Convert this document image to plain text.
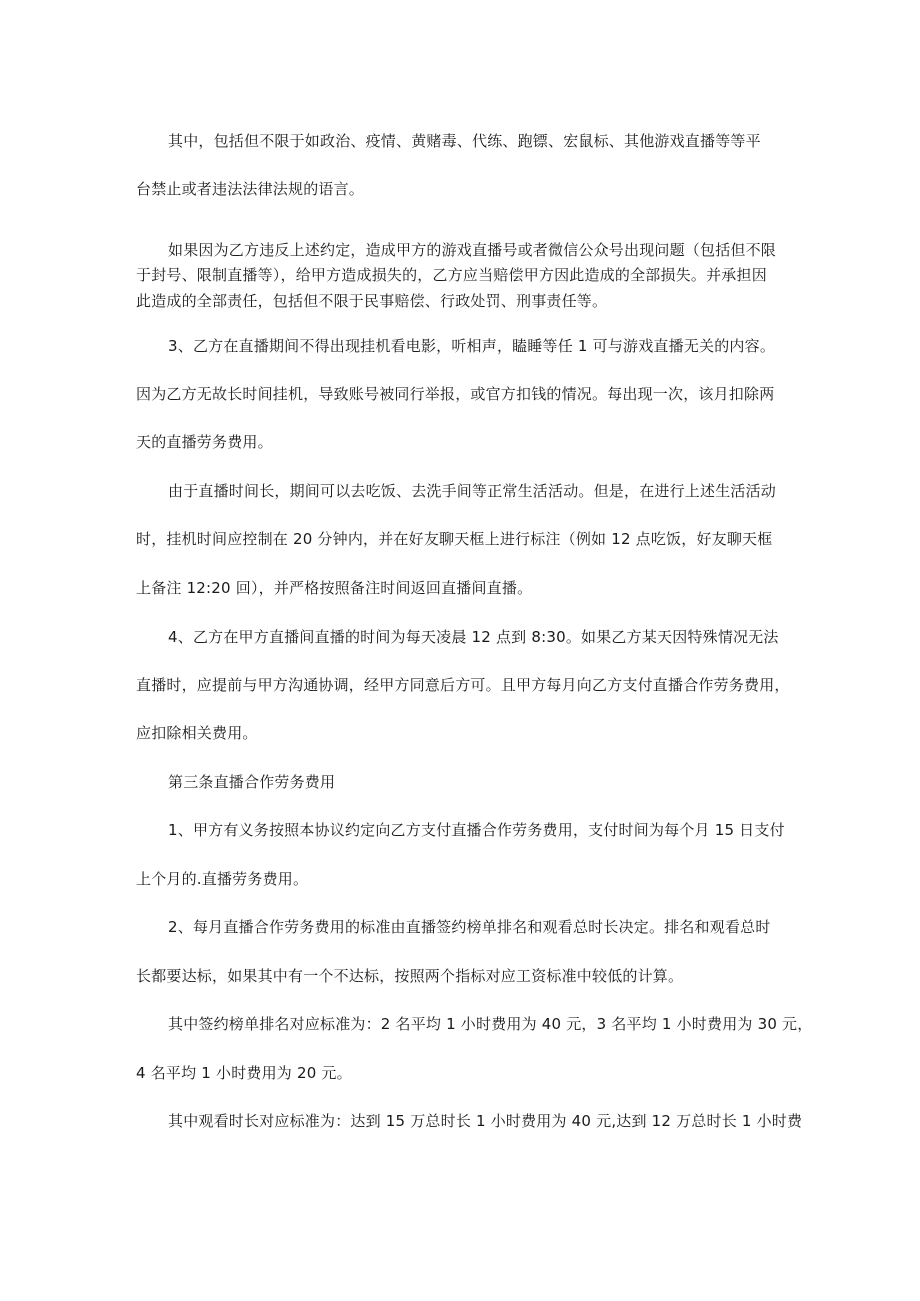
其中，包括但不限于如政治、疫情、黄赌毒、代练、跑镖、宏鼠标、其他游戏直播等等平
台禁止或者违法法律法规的语言。
如果因为乙方违反上述约定，造成甲方的游戏直播号或者微信公众号出现问题（包括但不限
于封号、限制直播等），给甲方造成损失的，乙方应当赔偿甲方因此造成的全部损失。并承担因
此造成的全部责任，包括但不限于民事赔偿、行政处罚、刑事责任等。
3、乙方在直播期间不得出现挂机看电影，听相声，瞌睡等任 1 可与游戏直播无关的内容。
因为乙方无故长时间挂机，导致账号被同行举报，或官方扣钱的情况。每出现一次，该月扣除两
天的直播劳务费用。
由于直播时间长，期间可以去吃饭、去洗手间等正常生活活动。但是，在进行上述生活活动
时，挂机时间应控制在 20 分钟内，并在好友聊天框上进行标注（例如 12 点吃饭，好友聊天框
上备注 12:20 回），并严格按照备注时间返回直播间直播。
4、乙方在甲方直播间直播的时间为每天凌晨 12 点到 8:30。如果乙方某天因特殊情况无法
直播时，应提前与甲方沟通协调，经甲方同意后方可。且甲方每月向乙方支付直播合作劳务费用，
应扣除相关费用。
第三条直播合作劳务费用
1、甲方有义务按照本协议约定向乙方支付直播合作劳务费用，支付时间为每个月 15 日支付
上个月的.直播劳务费用。
2、每月直播合作劳务费用的标准由直播签约榜单排名和观看总时长决定。排名和观看总时
长都要达标，如果其中有一个不达标，按照两个指标对应工资标准中较低的计算。
其中签约榜单排名对应标准为：2 名平均 1 小时费用为 40 元，3 名平均 1 小时费用为 30 元，
4 名平均 1 小时费用为 20 元。
其中观看时长对应标准为：达到 15 万总时长 1 小时费用为 40 元,达到 12 万总时长 1 小时费
